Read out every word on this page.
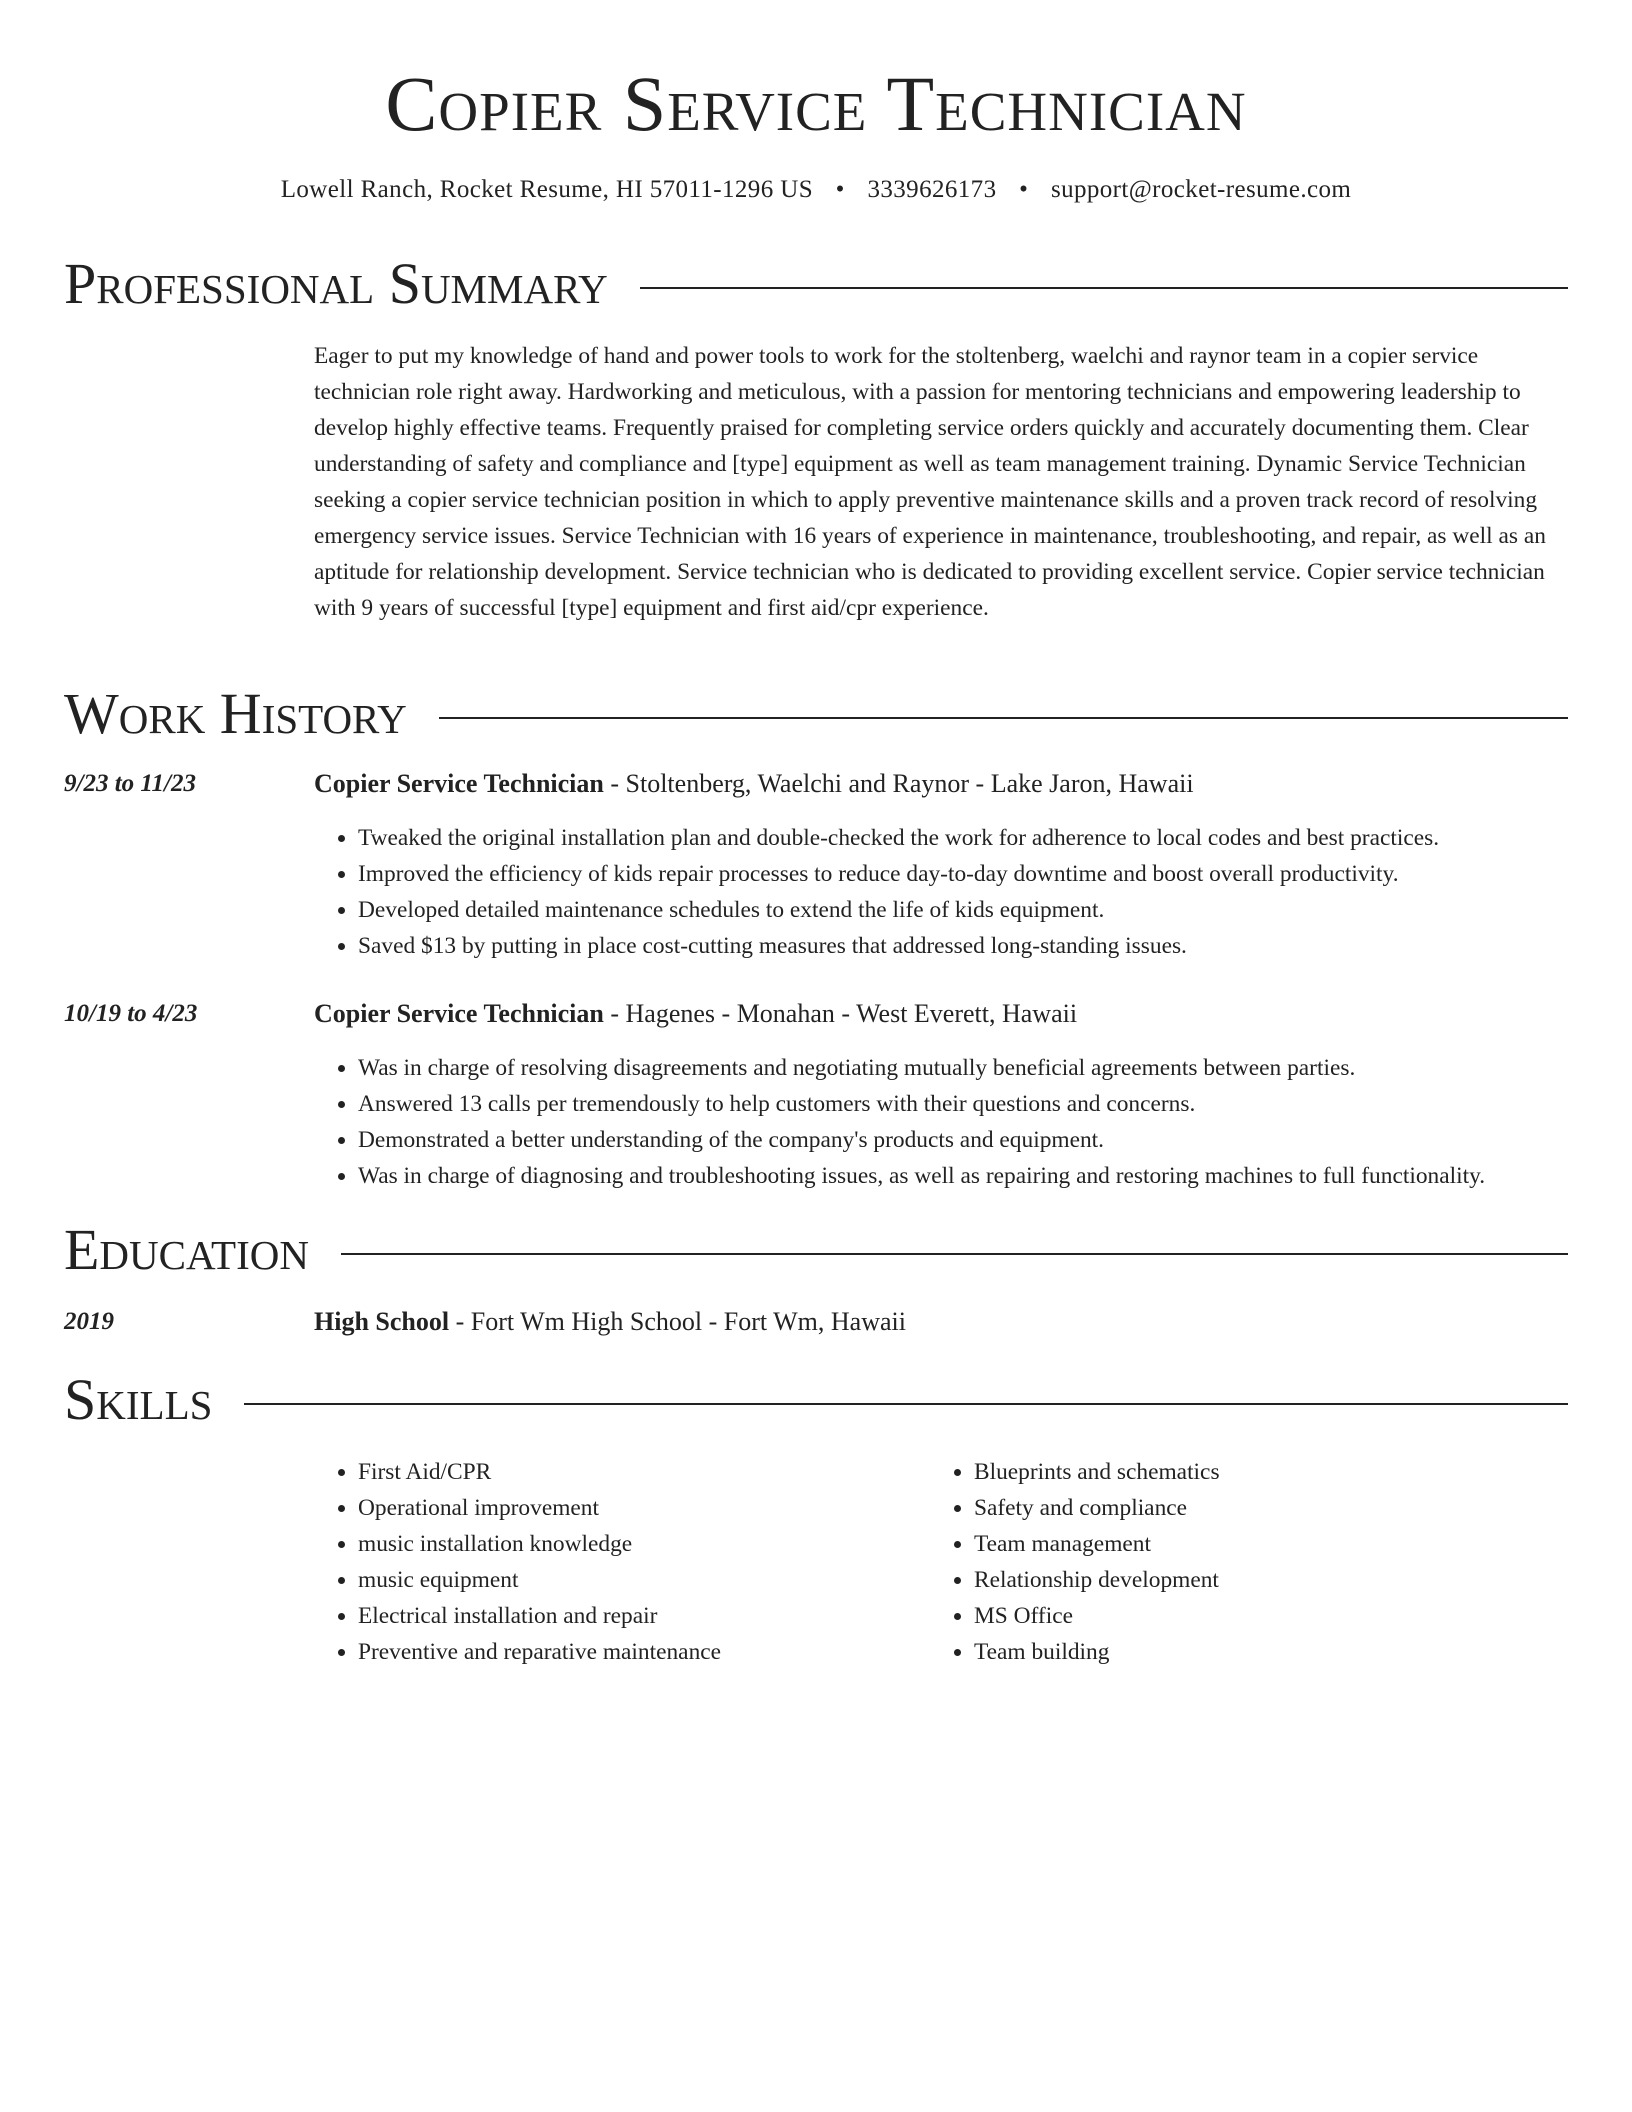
Copier Service Technician
Lowell Ranch, Rocket Resume, HI 57011-1296 US • 3339626173 • support@rocket-resume.com
Professional Summary

Eager to put my knowledge of hand and power tools to work for the stoltenberg, waelchi and raynor team in a copier service technician role right away. Hardworking and meticulous, with a passion for mentoring technicians and empowering leadership to develop highly effective teams. Frequently praised for completing service orders quickly and accurately documenting them. Clear understanding of safety and compliance and [type] equipment as well as team management training. Dynamic Service Technician seeking a copier service technician position in which to apply preventive maintenance skills and a proven track record of resolving emergency service issues. Service Technician with 16 years of experience in maintenance, troubleshooting, and repair, as well as an aptitude for relationship development. Service technician who is dedicated to providing excellent service. Copier service technician with 9 years of successful [type] equipment and first aid/cpr experience.

Work History
9/23 to 11/23	Copier Service Technician - Stoltenberg, Waelchi and Raynor - Lake Jaron, Hawaii
• Tweaked the original installation plan and double-checked the work for adherence to local codes and best practices.
• Improved the efficiency of kids repair processes to reduce day-to-day downtime and boost overall productivity.
• Developed detailed maintenance schedules to extend the life of kids equipment.
• Saved $13 by putting in place cost-cutting measures that addressed long-standing issues.
10/19 to 4/23	Copier Service Technician - Hagenes - Monahan - West Everett, Hawaii
• Was in charge of resolving disagreements and negotiating mutually beneficial agreements between parties.
• Answered 13 calls per tremendously to help customers with their questions and concerns.
• Demonstrated a better understanding of the company's products and equipment.
• Was in charge of diagnosing and troubleshooting issues, as well as repairing and restoring machines to full functionality.
Education
2019	High School - Fort Wm High School - Fort Wm, Hawaii
Skills
• First Aid/CPR
• Operational improvement
• music installation knowledge
• music equipment
• Electrical installation and repair
• Preventive and reparative maintenance
• Blueprints and schematics
• Safety and compliance
• Team management
• Relationship development
• MS Office
• Team building
